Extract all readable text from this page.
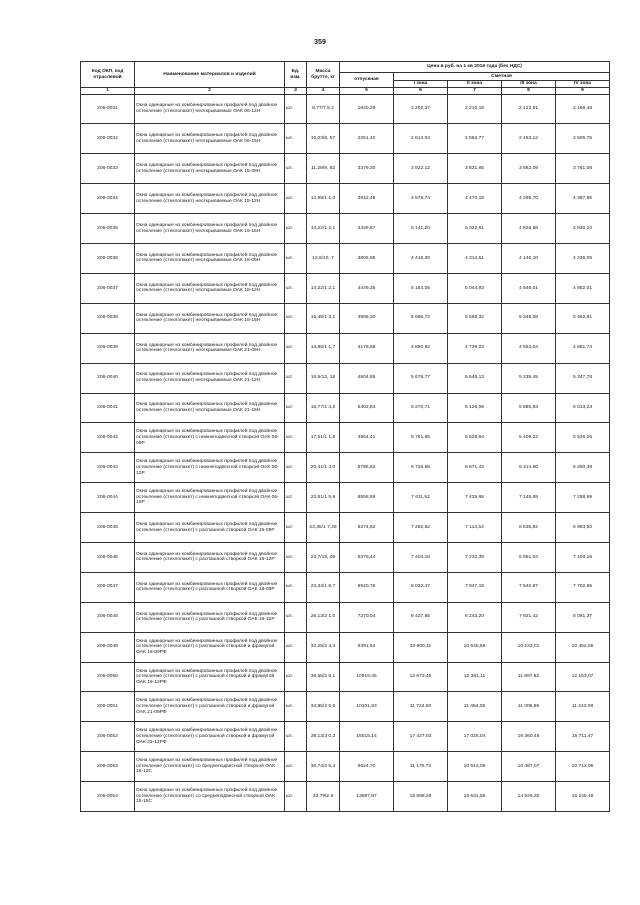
359
Код ОКП, код отраслевой	Наименование материалов и изделий	Ед. изм.	Масса брутто, кг	Цена в руб. на 1 кв 2016 года (без НДС)				
				отпускная	Сметная			
					I зона	II зона	III зона	IV зона
1	2	3	4	5	6	7	8	9
206-0031	Окна одинарные из комбинированных профилей под двойное остекление (стеклопакет) неоткрываемые ОАК 06-12Н	шт.	8,77/7,5 2	1840,26	2 202,37	2 210,19	2 123,61	2 169,48
206-0032	Окна одинарные из комбинированных профилей под двойное остекление (стеклопакет) неоткрываемые ОАК 06-15Н	шт.	10,03/8, 57	2251,40	2 613,04	2 552,77	2 453,12	2 505,75
206-0033	Окна одинарные из комбинированных профилей под двойное остекление (стеклопакет) неоткрываемые ОАК 15-09Н	шт.	11,29/9, 62	3379,30	3 922,12	3 831,65	3 682,09	3 761,08
206-0034	Окна одинарные из комбинированных профилей под двойное остекление (стеклопакет) неоткрываемые ОАК 15-12Н	шт.	12,98/1 1,0	3942,48	4 575,74	4 470,19	4 295,70	4 387,86
206-0035	Окна одинарные из комбинированных профилей под двойное остекление (стеклопакет) неоткрываемые ОАК 15-15Н	шт.	14,22/1 2,1	4429,67	5 141,20	5 022,61	4 826,58	4 930,10
206-0036	Окна одинарные из комбинированных профилей под двойное остекление (стеклопакет) неоткрываемые ОАК 18-09Н	шт.	12,6/10, 7	3805,98	4 418,30	4 314,51	4 146,10	4 235,05
206-0037	Окна одинарные из комбинированных профилей под двойное остекление (стеклопакет) неоткрываемые ОАК 18-12Н	шт.	14,22/1 2,1	4449,35	5 164,05	5 044,93	4 848,01	4 952,01
206-0038	Окна одинарные из комбинированных профилей под двойное остекление (стеклопакет) неоткрываемые ОАК 18-15Н	шт.	15,49/1 3,1	4908,30	5 696,72	5 565,32	5 348,08	5 462,81
206-0039	Окна одинарные из комбинированных профилей под двойное остекление (стеклопакет) неоткрываемые ОАК 21-09Н	шт.	13,86/1 1,7	4179,56	4 850,92	4 739,03	4 554,04	4 651,74
206-0040	Окна одинарные из комбинированных профилей под двойное остекление (стеклопакет) неоткрываемые ОАК 21-12Н	шт.	15,5/13, 16	4904,95	5 676,77	5 546,13	5 235,45	5 347,78
206-0041	Окна одинарные из комбинированных профилей под двойное остекление (стеклопакет) неоткрываемые ОАК 21-15Н	шт.	16,77/1 4,2	5402,84	6 270,71	6 126,06	5 886,93	6 013,23
206-0042	Окна одинарные из комбинированных профилей под двойное остекление (стеклопакет) с нижнеподвесной створкой ОАК 06-09Р	шт.	17,51/1 1,8	4964,41	5 761,85	5 628,94	5 409,22	5 525,26
206-0043	Окна одинарные из комбинированных профилей под двойное остекление (стеклопакет) с нижнеподвесной створкой ОАК 06-12Р	шт.	20,41/1 4,0	5795,62	6 726,58	6 571,42	6 314,90	6 450,38
206-0044	Окна одинарные из комбинированных профилей под двойное остекление (стеклопакет) с нижнеподвесной створкой ОАК 06-15Р	шт.	22,81/1 5,9	6558,69	7 611,52	7 435,95	7 145,69	7 298,99
206-0045	Окна одинарные из комбинированных профилей под двойное остекление (стеклопакет) с распашной створкой ОАК 15-09Р	шт.	23,35/1 7,49	6274,82	7 282,52	7 114,54	6 836,82	6 983,50
206-0046	Окна одинарные из комбинированных профилей под двойное остекление (стеклопакет) с распашной створкой ОАК 15-12Р	шт.	23,7/19, 06	6379,44	7 404,18	7 233,39	6 951,04	7 100,16
206-0047	Окна одинарные из комбинированных профилей под двойное остекление (стеклопакет) с распашной створкой ОАК 18-09Р	шт.	23,34/1 8,7	6920,76	8 032,47	7 847,19	7 540,87	7 702,65
206-0048	Окна одинарные из комбинированных профилей под двойное остекление (стеклопакет) с распашной створкой ОАК 18-12Р	шт.	26,13/2 1,0	7270,04	8 437,85	8 243,20	7 921,42	8 091,37
206-0049	Окна одинарные из комбинированных профилей под двойное остекление (стеклопакет) с распашной створкой и фрамугой ОАК 18-09РФ	шт.	32,25/2 4,4	9391,54	10 900,11	10 648,68	10 233,01	10 452,55
206-0050	Окна одинарные из комбинированных профилей под двойное остекление (стеклопакет) с распашной створкой и фрамугой ОАК 18-12РФ	шт.	36,55/2 8,1	10919,45	12 673,45	12 381,11	11 897,82	12 153,07
206-0051	Окна одинарные из комбинированных профилей под двойное остекление (стеклопакет) с распашной створкой и фрамугой ОАК 21-09РФ	шт.	34,95/2 6,6	10101,83	11 724,50	11 454,05	11 006,95	11 243,09
206-0052	Окна одинарные из комбинированных профилей под двойное остекление (стеклопакет) с распашной створкой и фрамугой ОАК 21-12РФ	шт.	39,13/3 0,3	15015,14	17 427,03	17 025,04	16 360,48	16 711,47
206-0053	Окна одинарные из комбинированных профилей под двойное остекление (стеклопакет) со среднеподвесной створкой ОАК 15-12С	шт.	30,74/2 5,4	9624,70	11 170,72	10 913,05	10 487,07	10 712,05
206-0054	Окна одинарные из комбинированных профилей под двойное остекление (стеклопакет) со среднеподвесной створкой ОАК 15-15С	шт.	33,79/2 8	13697,87	15 898,28	15 531,56	14 925,30	15 245,49
